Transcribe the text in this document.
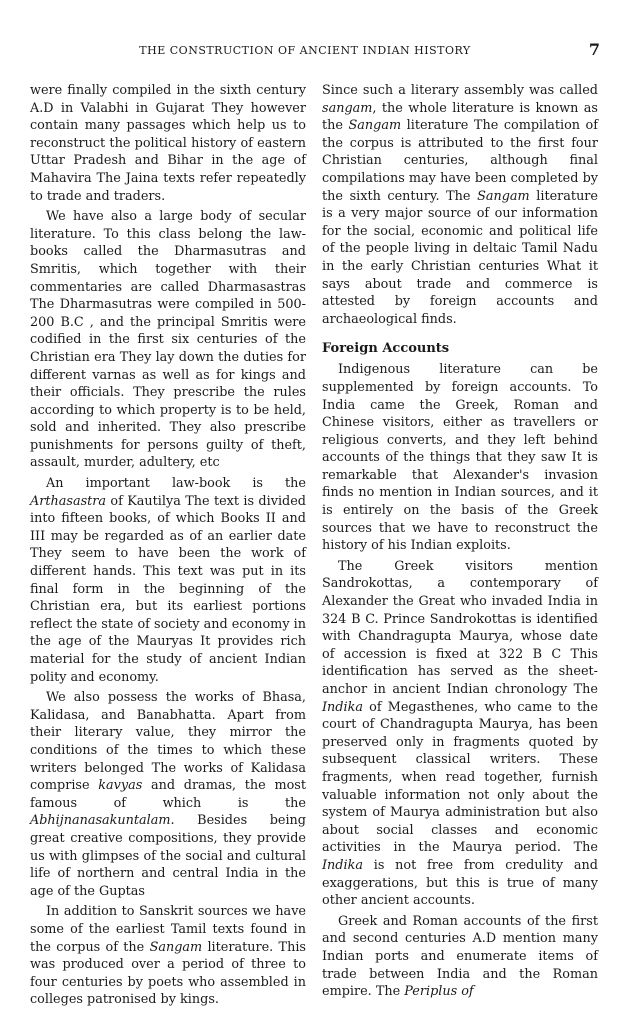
THE CONSTRUCTION OF ANCIENT INDIAN HISTORY	7

were finally compiled in the sixth century A.D in Valabhi in Gujarat They however contain many passages which help us to reconstruct the political history of eastern Uttar Pradesh and Bihar in the age of Mahavira The Jaina texts refer repeatedly to trade and traders.

We have also a large body of secular literature. To this class belong the law-books called the Dharmasutras and Smritis, which together with their commentaries are called Dharmasastras The Dharmasutras were compiled in 500-200 B.C , and the principal Smritis were codified in the first six centuries of the Christian era They lay down the duties for different varnas as well as for kings and their officials. They prescribe the rules according to which property is to be held, sold and inherited. They also prescribe punishments for persons guilty of theft, assault, murder, adultery, etc

An important law-book is the Arthasastra of Kautilya The text is divided into fifteen books, of which Books II and III may be regarded as of an earlier date They seem to have been the work of different hands. This text was put in its final form in the beginning of the Christian era, but its earliest portions reflect the state of society and economy in the age of the Mauryas It provides rich material for the study of ancient Indian polity and economy.

We also possess the works of Bhasa, Kalidasa, and Banabhatta. Apart from their literary value, they mirror the conditions of the times to which these writers belonged The works of Kalidasa comprise kavyas and dramas, the most famous of which is the Abhijnanasakuntalam. Besides being great creative compositions, they provide us with glimpses of the social and cultural life of northern and central India in the age of the Guptas

In addition to Sanskrit sources we have some of the earliest Tamil texts found in the corpus of the Sangam literature. This was produced over a period of three to four centuries by poets who assembled in colleges patronised by kings.

Since such a literary assembly was called sangam, the whole literature is known as the Sangam literature The compilation of the corpus is attributed to the first four Christian centuries, although final compilations may have been completed by the sixth century. The Sangam literature is a very major source of our information for the social, economic and political life of the people living in deltaic Tamil Nadu in the early Christian centuries What it says about trade and commerce is attested by foreign accounts and archaeological finds.

Foreign Accounts

Indigenous literature can be supplemented by foreign accounts. To India came the Greek, Roman and Chinese visitors, either as travellers or religious converts, and they left behind accounts of the things that they saw It is remarkable that Alexander's invasion finds no mention in Indian sources, and it is entirely on the basis of the Greek sources that we have to reconstruct the history of his Indian exploits.

The Greek visitors mention Sandrokottas, a contemporary of Alexander the Great who invaded India in 324 B C. Prince Sandrokottas is identified with Chandragupta Maurya, whose date of accession is fixed at 322 B C This identification has served as the sheet-anchor in ancient Indian chronology The Indika of Megasthenes, who came to the court of Chandragupta Maurya, has been preserved only in fragments quoted by subsequent classical writers. These fragments, when read together, furnish valuable information not only about the system of Maurya administration but also about social classes and economic activities in the Maurya period. The Indika is not free from credulity and exaggerations, but this is true of many other ancient accounts.

Greek and Roman accounts of the first and second centuries A.D mention many Indian ports and enumerate items of trade between India and the Roman empire. The Periplus of
